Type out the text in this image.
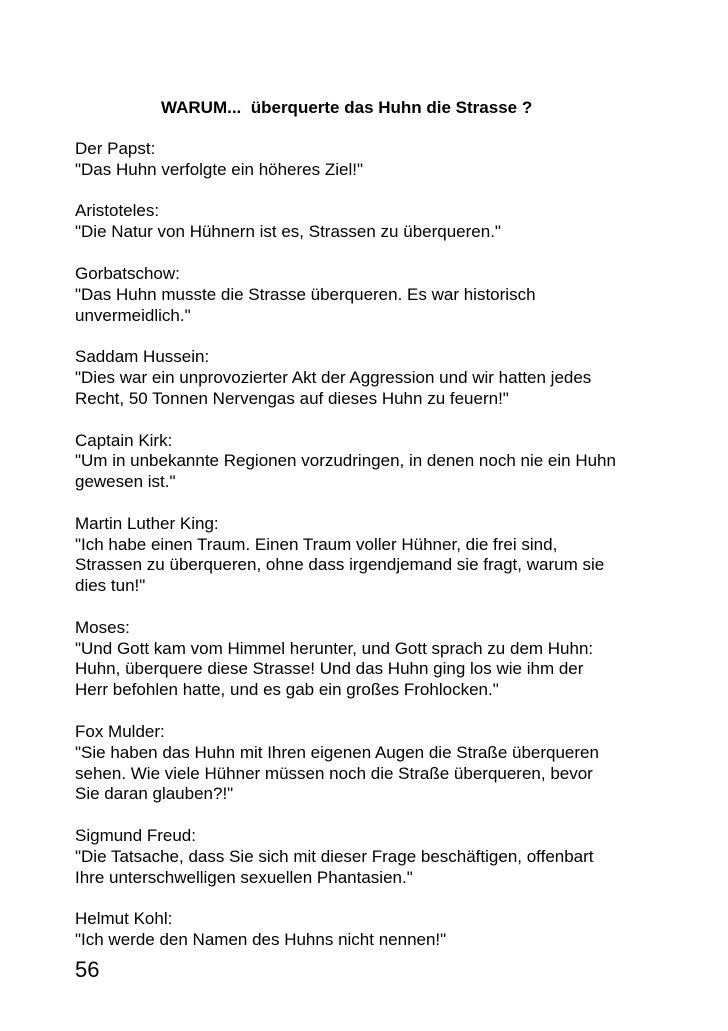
WARUM...  überquerte das Huhn die Strasse ?
Der Papst:
"Das Huhn verfolgte ein höheres Ziel!"
Aristoteles:
"Die Natur von Hühnern ist es, Strassen zu überqueren."
Gorbatschow:
"Das Huhn musste die Strasse überqueren. Es war historisch
unvermeidlich."
Saddam Hussein:
"Dies war ein unprovozierter Akt der Aggression und wir hatten jedes
Recht, 50 Tonnen Nervengas auf dieses Huhn zu feuern!"
Captain Kirk:
"Um in unbekannte Regionen vorzudringen, in denen noch nie ein Huhn
gewesen ist."
Martin Luther King:
"Ich habe einen Traum. Einen Traum voller Hühner, die frei sind,
Strassen zu überqueren, ohne dass irgendjemand sie fragt, warum sie
dies tun!"
Moses:
"Und Gott kam vom Himmel herunter, und Gott sprach zu dem Huhn:
Huhn, überquere diese Strasse! Und das Huhn ging los wie ihm der
Herr befohlen hatte, und es gab ein großes Frohlocken."
Fox Mulder:
"Sie haben das Huhn mit Ihren eigenen Augen die Straße überqueren
sehen. Wie viele Hühner müssen noch die Straße überqueren, bevor
Sie daran glauben?!"
Sigmund Freud:
"Die Tatsache, dass Sie sich mit dieser Frage beschäftigen, offenbart
Ihre unterschwelligen sexuellen Phantasien."
Helmut Kohl:
"Ich werde den Namen des Huhns nicht nennen!"
56
